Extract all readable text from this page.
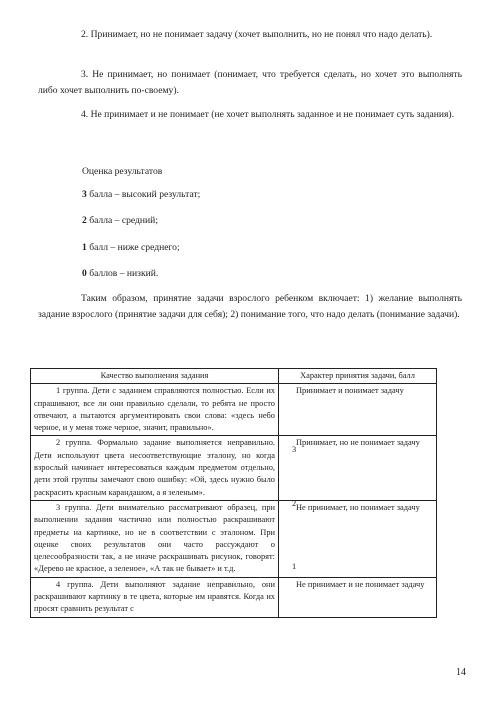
2. Принимает, но не понимает задачу (хочет выполнить, но не понял что надо делать).

3. Не принимает, но понимает (понимает, что требуется сделать, но хочет это выполнять либо хочет выполнить по-своему).

4. Не принимает и не понимает (не хочет выполнять заданное и не понимает суть задания).

Оценка результатов

3 балла – высокий результат;

2 балла – средний;

1 балл – ниже среднего;

0 баллов – низкий.

Таким образом, принятие задачи взрослого ребенком включает: 1) желание выполнять задание взрослого (принятие задачи для себя); 2) понимание того, что надо делать (понимание задачи).

Качество выполнения задания	Характер принятия задачи, балл
1 группа. Дети с заданием справляются полностью. Если их спрашивают, все ли они правильно сделали, то ребята не просто отвечают, а пытаются аргументировать свои слова: «здесь небо черное, и у меня тоже черное, значит, правильно».	Принимает и понимает задачу
3

2 группа. Формально задание выполняется неправильно. Дети используют цвета несоответствующие эталону, но когда взрослый начинает интересоваться каждым предметом отдельно, дети этой группы замечают свою ошибку: «Ой, здесь нужно было раскрасить красным карандашом, а я зеленым».	Принимает, но не понимает задачу
2

3 группа. Дети внимательно рассматривают образец, при выполнении задания частично или полностью раскрашивают предметы на картинке, но не в соответствии с эталоном. При оценке своих результатов они часто рассуждают о целесообразности так, а не иначе раскрашивать рисунок, говорят: «Дерево не красное, а зеленое», «А так не бывает» и т.д.	Не принимает, но понимает задачу
1

4 группа. Дети выполняют задание неправильно, они раскрашивают картинку в те цвета, которые им нравятся. Когда их просят сравнить результат с	Не принимает и не понимает задачу
14
